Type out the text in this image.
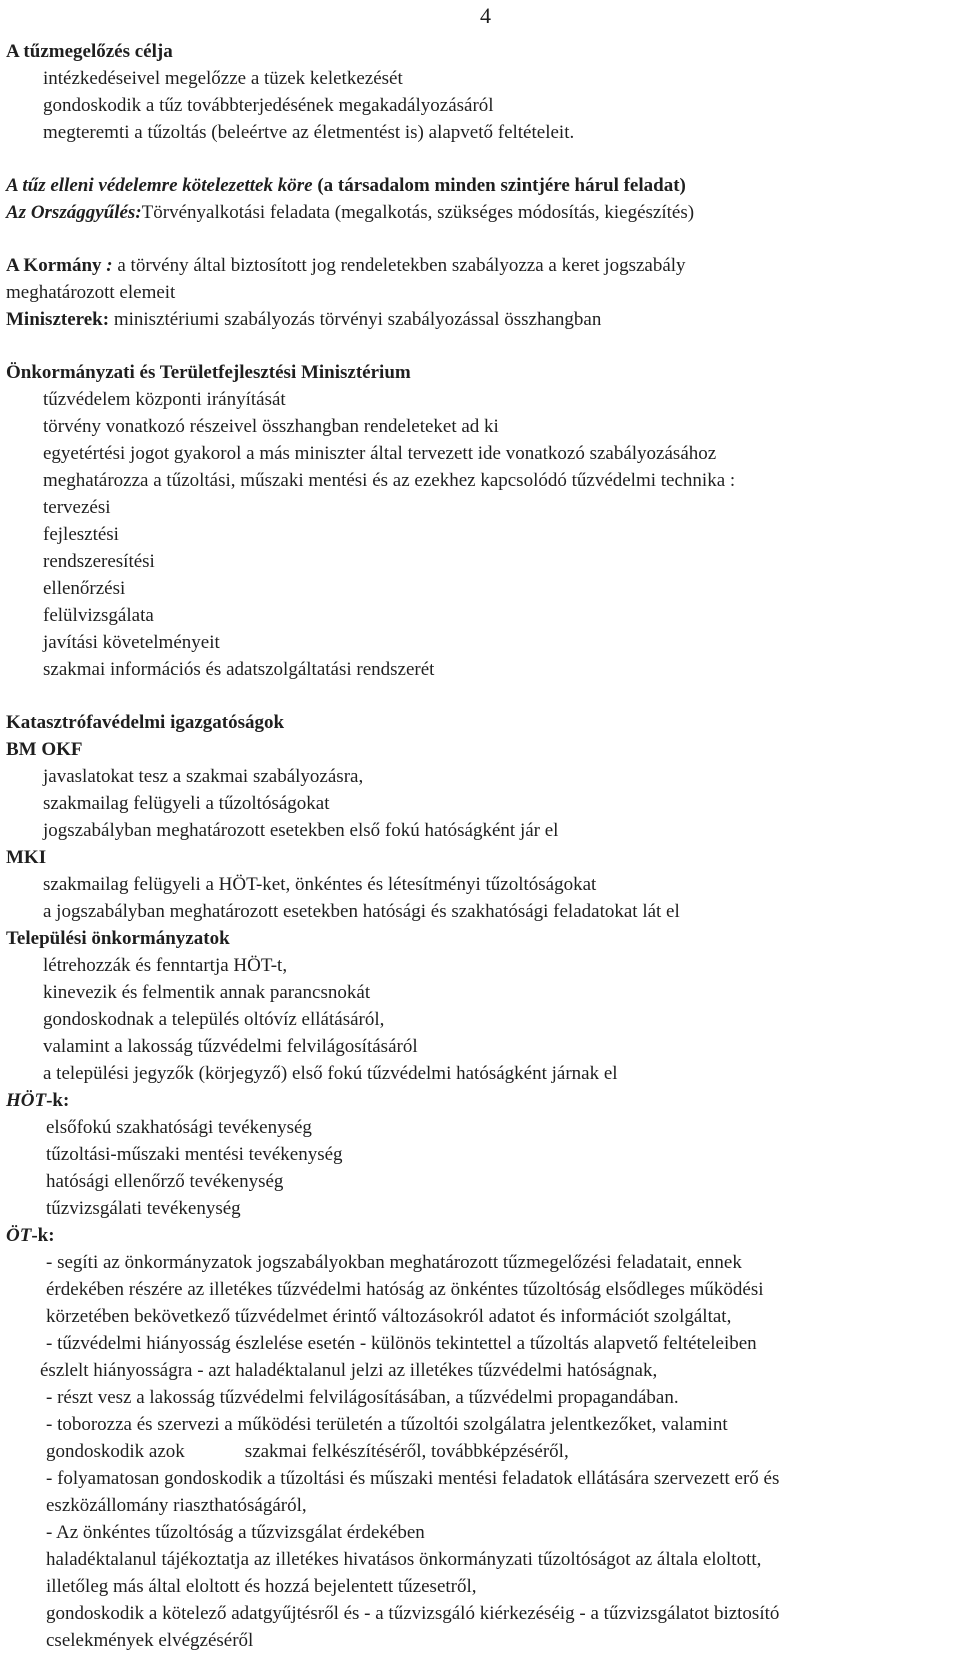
4
A tűzmegelőzés célja
intézkedéseivel megelőzze a tüzek keletkezését
gondoskodik a tűz továbbterjedésének megakadályozásáról
megteremti a tűzoltás (beleértve az életmentést is) alapvető feltételeit.
A tűz elleni védelemre kötelezettek köre (a társadalom minden szintjére hárul feladat)
Az Országgyűlés:Törvényalkotási feladata (megalkotás, szükséges módosítás, kiegészítés)
A Kormány : a törvény által biztosított jog rendeletekben szabályozza a keret jogszabály
meghatározott elemeit
Miniszterek: minisztériumi szabályozás törvényi szabályozással összhangban
Önkormányzati és Területfejlesztési Minisztérium
tűzvédelem központi irányítását
törvény vonatkozó részeivel összhangban rendeleteket ad ki
egyetértési jogot gyakorol a más miniszter által tervezett ide vonatkozó szabályozásához
meghatározza a tűzoltási, műszaki mentési és az ezekhez kapcsolódó tűzvédelmi technika :
tervezési
fejlesztési
rendszeresítési
ellenőrzési
felülvizsgálata
javítási követelményeit
szakmai információs és adatszolgáltatási rendszerét
Katasztrófavédelmi igazgatóságok
BM OKF
javaslatokat tesz a szakmai szabályozásra,
szakmailag felügyeli a tűzoltóságokat
jogszabályban meghatározott esetekben első fokú hatóságként jár el
MKI
szakmailag felügyeli a HÖT-ket, önkéntes és létesítményi tűzoltóságokat
a jogszabályban meghatározott esetekben hatósági és szakhatósági feladatokat lát el
Települési önkormányzatok
létrehozzák és fenntartja HÖT-t,
kinevezik és felmentik annak parancsnokát
gondoskodnak a település oltóvíz ellátásáról,
valamint a lakosság tűzvédelmi felvilágosításáról
a települési jegyzők (körjegyző) első fokú tűzvédelmi hatóságként járnak el
HÖT-k:
elsőfokú szakhatósági tevékenység
tűzoltási-műszaki mentési tevékenység
hatósági ellenőrző tevékenység
tűzvizsgálati tevékenység
ÖT-k:
- segíti az önkormányzatok jogszabályokban meghatározott tűzmegelőzési feladatait, ennek
érdekében részére az illetékes tűzvédelmi hatóság az önkéntes tűzoltóság elsődleges működési
körzetében bekövetkező tűzvédelmet érintő változásokról adatot és információt szolgáltat,
- tűzvédelmi hiányosság észlelése esetén - különös tekintettel a tűzoltás alapvető feltételeiben
észlelt hiányosságra - azt haladéktalanul jelzi az illetékes tűzvédelmi hatóságnak,
- részt vesz a lakosság tűzvédelmi felvilágosításában, a tűzvédelmi propagandában.
- toborozza és szervezi a működési területén a tűzoltói szolgálatra jelentkezőket, valamint
gondoskodik azok	szakmai felkészítéséről, továbbképzéséről,
- folyamatosan gondoskodik a tűzoltási és műszaki mentési feladatok ellátására szervezett erő és
eszközállomány riaszthatóságáról,
- Az önkéntes tűzoltóság a tűzvizsgálat érdekében
haladéktalanul tájékoztatja az illetékes hivatásos önkormányzati tűzoltóságot az általa eloltott,
illetőleg más által eloltott és hozzá bejelentett tűzesetről,
gondoskodik a kötelező adatgyűjtésről és - a tűzvizsgáló kiérkezéséig - a tűzvizsgálatot biztosító
cselekmények elvégzéséről
